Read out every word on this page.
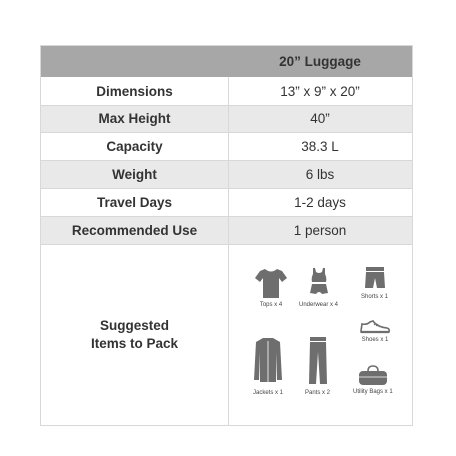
20” Luggage
Dimensions	13” x 9” x 20”
Max Height	40”
Capacity	38.3 L
Weight	6 lbs
Travel Days	1-2 days
Recommended Use	1 person
Suggested
Items to Pack
Tops x 4	Underwear x 4
Shorts x 1
Shoes x 1
Jackets x 1	Pants x 2	Utility Bags x 1
